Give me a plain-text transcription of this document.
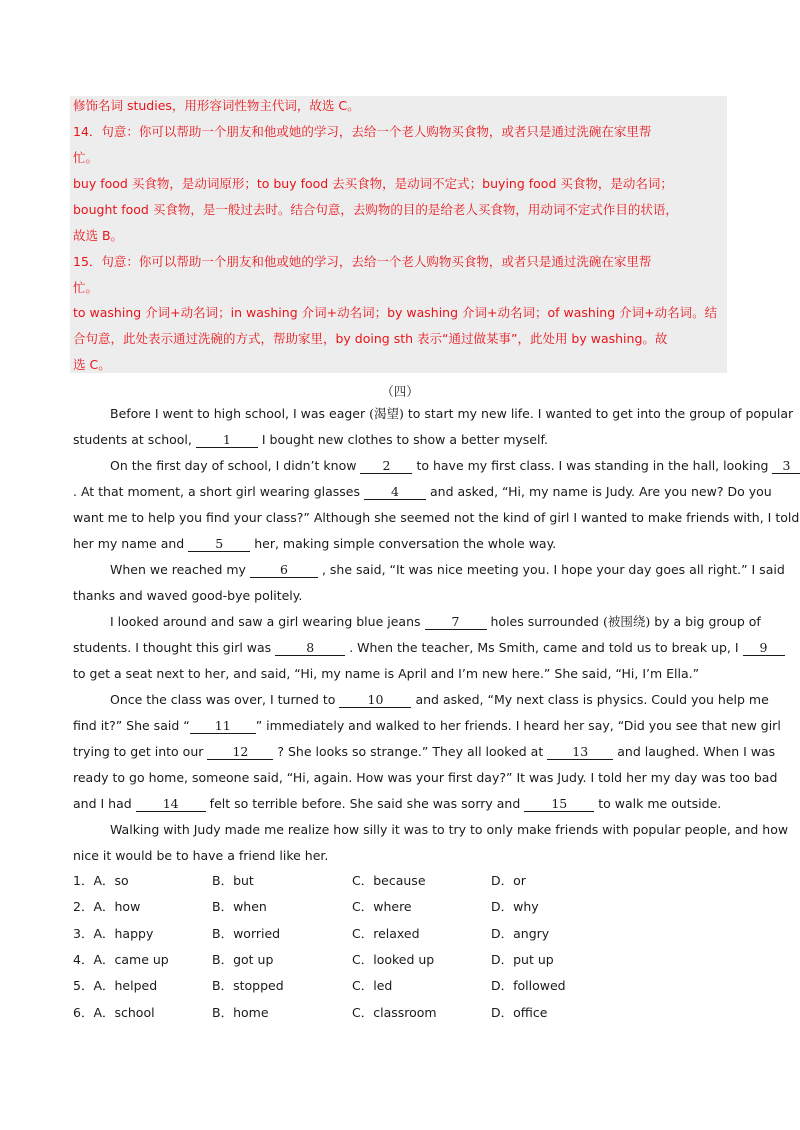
修饰名词 studies，用形容词性物主代词，故选 C。
14．句意：你可以帮助一个朋友和他或她的学习，去给一个老人购物买食物，或者只是通过洗碗在家里帮
忙。
buy food 买食物，是动词原形；to buy food 去买食物，是动词不定式；buying food 买食物，是动名词；
bought food 买食物，是一般过去时。结合句意，去购物的目的是给老人买食物，用动词不定式作目的状语，
故选 B。
15．句意：你可以帮助一个朋友和他或她的学习，去给一个老人购物买食物，或者只是通过洗碗在家里帮
忙。
to washing 介词+动名词；in washing 介词+动名词；by washing 介词+动名词；of washing 介词+动名词。结
合句意，此处表示通过洗碗的方式，帮助家里，by doing sth 表示“通过做某事”，此处用 by washing。故
选 C。
（四）
Before I went to high school, I was eager (渴望) to start my new life. I wanted to get into the group of popular
students at school, 1 I bought new clothes to show a better myself.
On the first day of school, I didn’t know 2 to have my first class. I was standing in the hall, looking 3
. At that moment, a short girl wearing glasses 4 and asked, “Hi, my name is Judy. Are you new? Do you
want me to help you find your class?” Although she seemed not the kind of girl I wanted to make friends with, I told
her my name and 5 her, making simple conversation the whole way.
When we reached my	6	, she said, “It was nice meeting you. I hope your day goes all right.” I said
thanks and waved good-bye politely.
I looked around and saw a girl wearing blue jeans 7 holes surrounded (被围绕) by a big group of
students. I thought this girl was	8	. When the teacher, Ms Smith, came and told us to break up, I 9
to get a seat next to her, and said, “Hi, my name is April and I’m new here.” She said, “Hi, I’m Ella.”
Once the class was over, I turned to	10	and asked, “My next class is physics. Could you help me
find it?” She said “ 11 ” immediately and walked to her friends. I heard her say, “Did you see that new girl
trying to get into our 12 ? She looks so strange.” They all looked at 13 and laughed. When I was
ready to go home, someone said, “Hi, again. How was your first day?” It was Judy. I told her my day was too bad
and I had 14 felt so terrible before. She said she was sorry and 15 to walk me outside.
Walking with Judy made me realize how silly it was to try to only make friends with popular people, and how
nice it would be to have a friend like her.
1．A．so	B．but	C．because	D．or
2．A．how	B．when	C．where	D．why
3．A．happy	B．worried	C．relaxed	D．angry
4．A．came up	B．got up	C．looked up	D．put up
5．A．helped	B．stopped	C．led	D．followed
6．A．school	B．home	C．classroom	D．office
